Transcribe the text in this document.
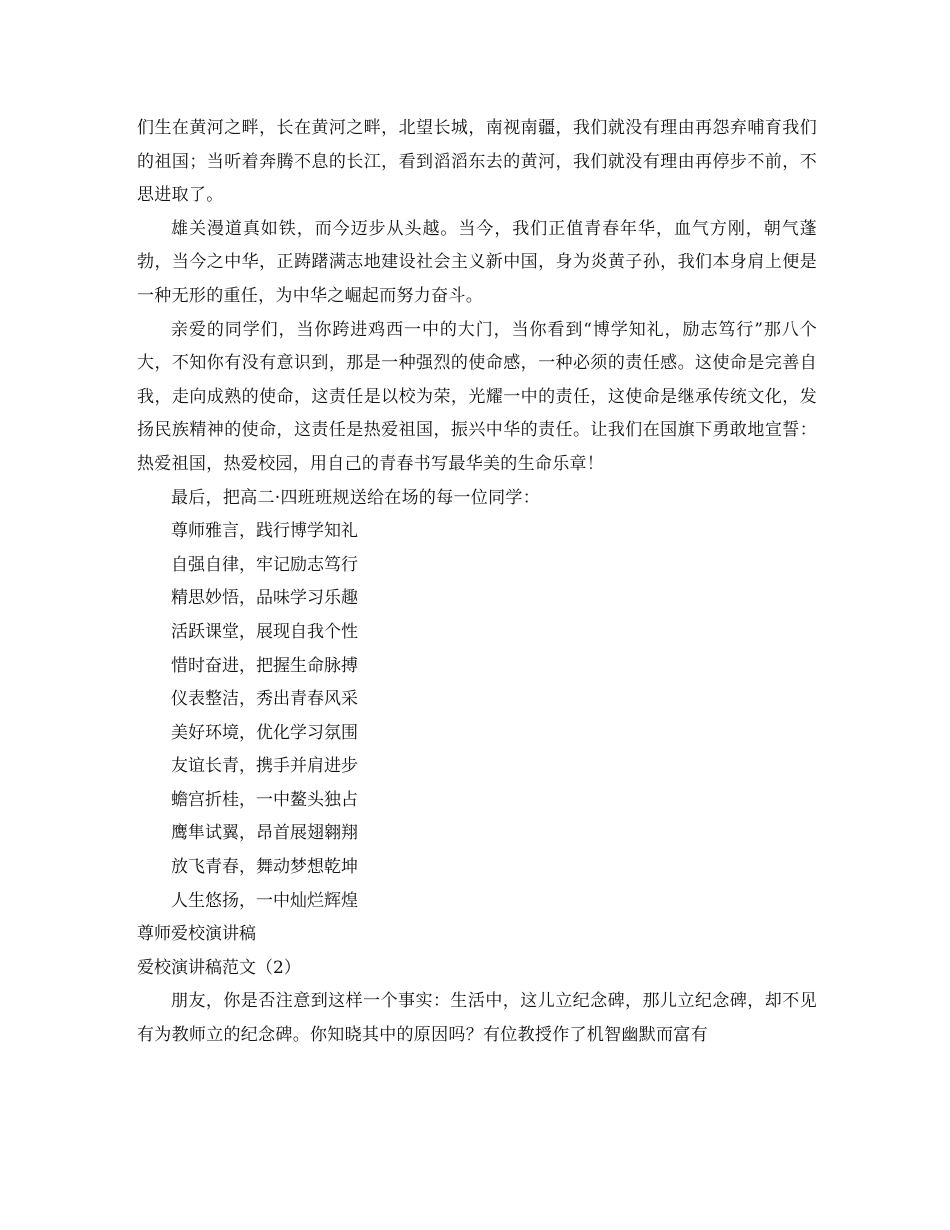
们生在黄河之畔，长在黄河之畔，北望长城，南视南疆，我们就没有理由再怨弃哺育我们的祖国；当听着奔腾不息的长江，看到滔滔东去的黄河，我们就没有理由再停步不前，不思进取了。

雄关漫道真如铁，而今迈步从头越。当今，我们正值青春年华，血气方刚，朝气蓬勃，当今之中华，正踌躇满志地建设社会主义新中国，身为炎黄子孙，我们本身肩上便是一种无形的重任，为中华之崛起而努力奋斗。

亲爱的同学们，当你跨进鸡西一中的大门，当你看到“博学知礼，励志笃行”那八个大，不知你有没有意识到，那是一种强烈的使命感，一种必须的责任感。这使命是完善自我，走向成熟的使命，这责任是以校为荣，光耀一中的责任，这使命是继承传统文化，发扬民族精神的使命，这责任是热爱祖国，振兴中华的责任。让我们在国旗下勇敢地宣誓：热爱祖国，热爱校园，用自己的青春书写最华美的生命乐章！

最后，把高二·四班班规送给在场的每一位同学：

尊师雅言，践行博学知礼

自强自律，牢记励志笃行

精思妙悟，品味学习乐趣

活跃课堂，展现自我个性

惜时奋进，把握生命脉搏

仪表整洁，秀出青春风采

美好环境，优化学习氛围

友谊长青，携手并肩进步

蟾宫折桂，一中鳌头独占

鹰隼试翼，昂首展翅翱翔

放飞青春，舞动梦想乾坤

人生悠扬，一中灿烂辉煌

尊师爱校演讲稿

爱校演讲稿范文（2）

朋友，你是否注意到这样一个事实：生活中，这儿立纪念碑，那儿立纪念碑，却不见有为教师立的纪念碑。你知晓其中的原因吗？有位教授作了机智幽默而富有
